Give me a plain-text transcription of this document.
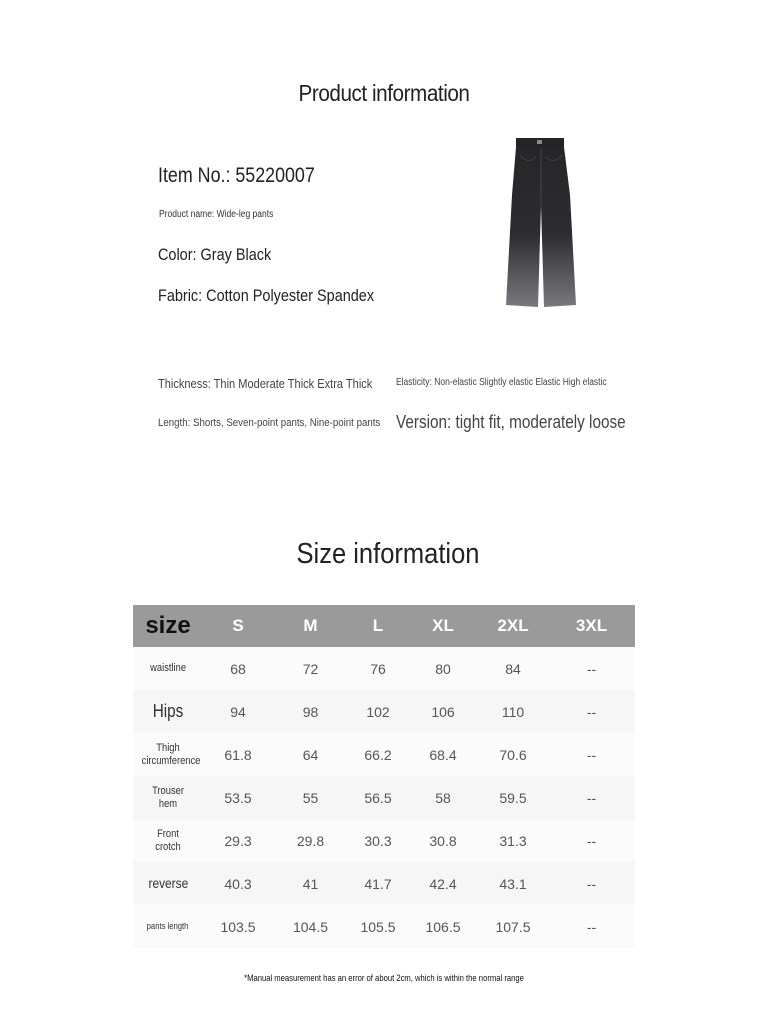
Product information
Item No.: 55220007
Product name: Wide-leg pants
Color: Gray Black
Fabric: Cotton Polyester Spandex
Thickness: Thin Moderate Thick Extra Thick Elasticity: Non-elastic Slightly elastic Elastic High elastic
Length: Shorts, Seven-point pants, Nine-point pants Version: tight fit, moderately loose
Size information
size	S	M	L	XL	2XL	3XL
waistline	68	72	76	80	84	--
Hips	94	98	102	106	110	--
Thigh circumference	61.8	64	66.2	68.4	70.6	--
Trouser hem	53.5	55	56.5	58	59.5	--
Front crotch	29.3	29.8	30.3	30.8	31.3	--
reverse	40.3	41	41.7	42.4	43.1	--
pants length	103.5	104.5	105.5	106.5	107.5	--
*Manual measurement has an error of about 2cm, which is within the normal range
